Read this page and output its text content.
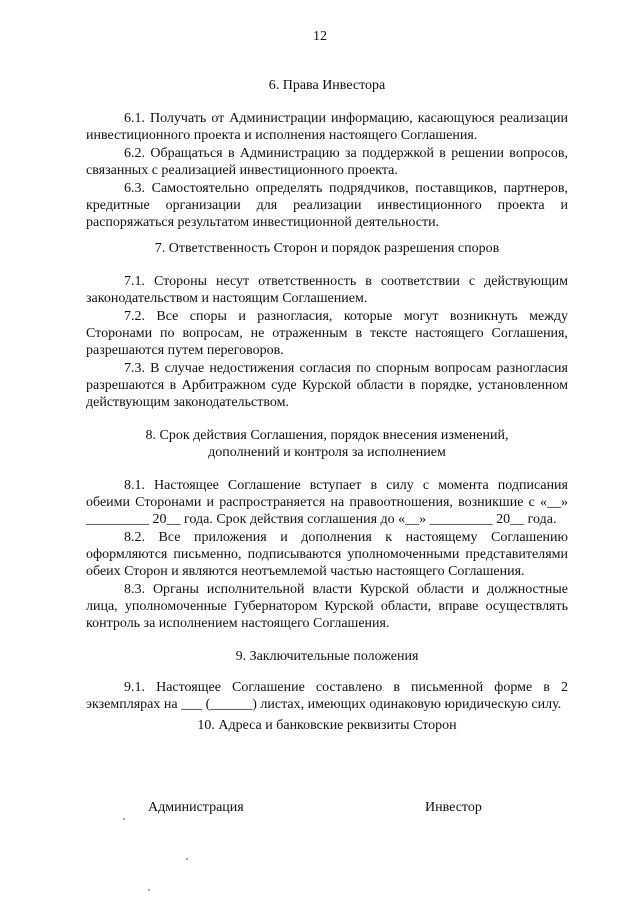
12

6. Права Инвестора

6.1. Получать от Администрации информацию, касающуюся реализации инвестиционного проекта и исполнения настоящего Соглашения.

6.2. Обращаться в Администрацию за поддержкой в решении вопросов, связанных с реализацией инвестиционного проекта.

6.3. Самостоятельно определять подрядчиков, поставщиков, партнеров, кредитные организации для реализации инвестиционного проекта и распоряжаться результатом инвестиционной деятельности.

7. Ответственность Сторон и порядок разрешения споров

7.1. Стороны несут ответственность в соответствии с действующим законодательством и настоящим Соглашением.

7.2. Все споры и разногласия, которые могут возникнуть между Сторонами по вопросам, не отраженным в тексте настоящего Соглашения, разрешаются путем переговоров.

7.3. В случае недостижения согласия по спорным вопросам разногласия разрешаются в Арбитражном суде Курской области в порядке, установленном действующим законодательством.

8. Срок действия Соглашения, порядок внесения изменений,
дополнений и контроля за исполнением

8.1. Настоящее Соглашение вступает в силу с момента подписания обеими Сторонами и распространяется на правоотношения, возникшие с «__» _________ 20__ года. Срок действия соглашения до «__» _________ 20__ года.

8.2. Все приложения и дополнения к настоящему Соглашению оформляются письменно, подписываются уполномоченными представителями обеих Сторон и являются неотъемлемой частью настоящего Соглашения.

8.3. Органы исполнительной власти Курской области и должностные лица, уполномоченные Губернатором Курской области, вправе осуществлять контроль за исполнением настоящего Соглашения.

9. Заключительные положения

9.1. Настоящее Соглашение составлено в письменной форме в 2 экземплярах на ___ (______) листах, имеющих одинаковую юридическую силу.

10. Адреса и банковские реквизиты Сторон

Администрация	Инвестор
